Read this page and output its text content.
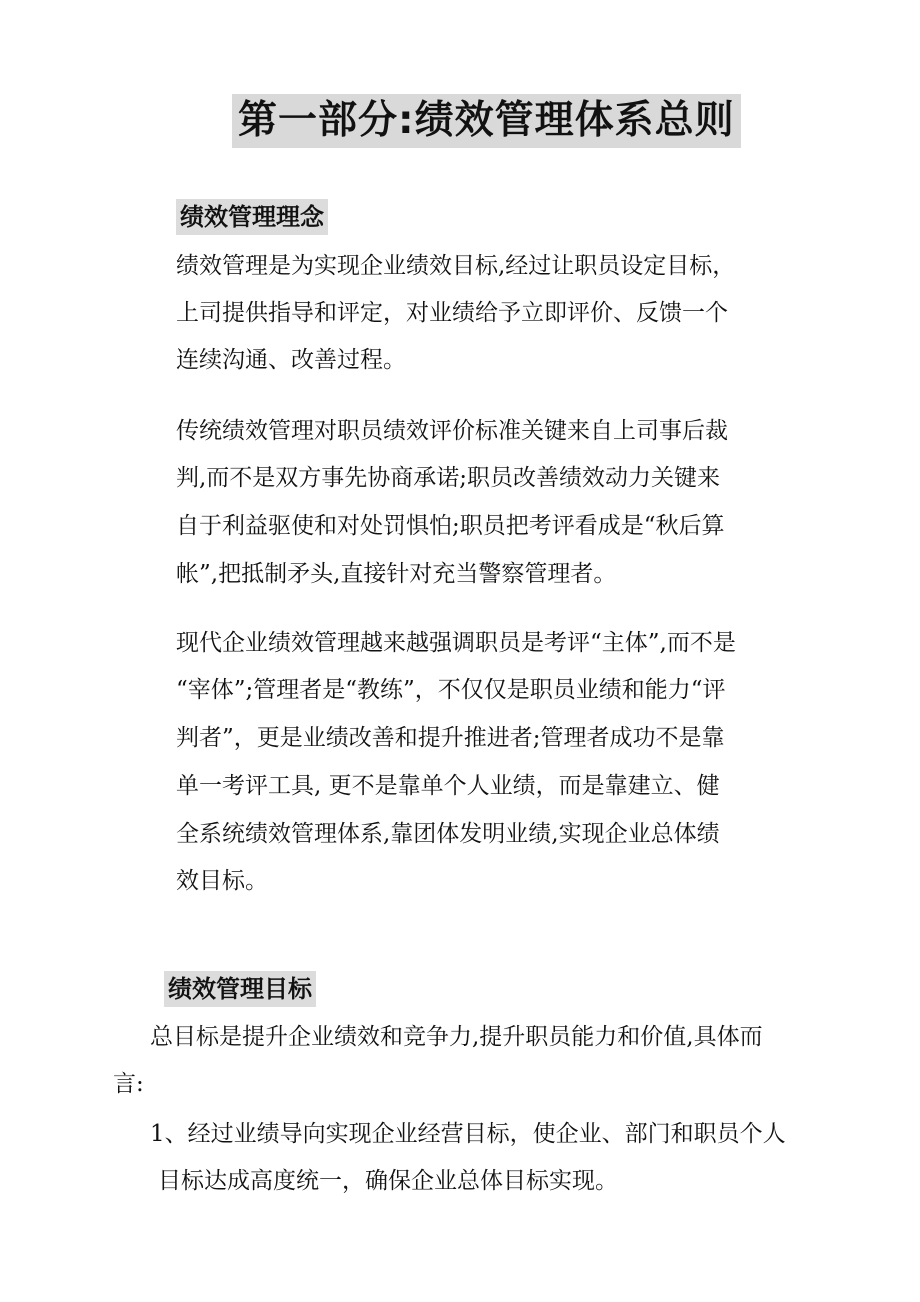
第一部分:绩效管理体系总则
绩效管理理念
绩效管理是为实现企业绩效目标,经过让职员设定目标，
上司提供指导和评定，对业绩给予立即评价、反馈一个
连续沟通、改善过程。
传统绩效管理对职员绩效评价标准关键来自上司事后裁
判,而不是双方事先协商承诺;职员改善绩效动力关键来
自于利益驱使和对处罚惧怕;职员把考评看成是“秋后算
帐”,把抵制矛头,直接针对充当警察管理者。
现代企业绩效管理越来越强调职员是考评“主体”,而不是
“宰体”;管理者是“教练”，不仅仅是职员业绩和能力“评
判者”，更是业绩改善和提升推进者;管理者成功不是靠
单一考评工具, 更不是靠单个人业绩，而是靠建立、健
全系统绩效管理体系,靠团体发明业绩,实现企业总体绩
效目标。
绩效管理目标
总目标是提升企业绩效和竞争力,提升职员能力和价值,具体而
言:
1、经过业绩导向实现企业经营目标，使企业、部门和职员个人
目标达成高度统一，确保企业总体目标实现。
